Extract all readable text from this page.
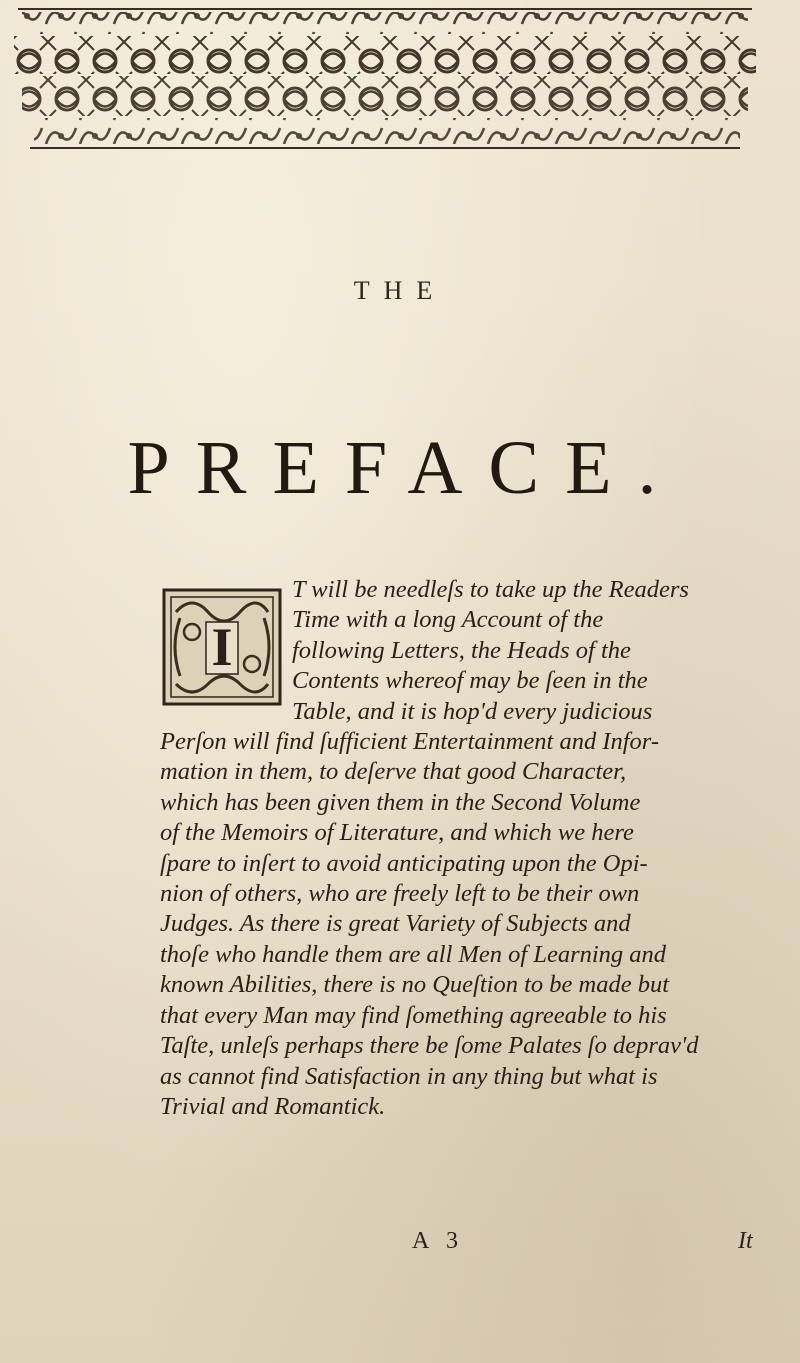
THE
PREFACE.
I
T will be needleſs to take up the Readers
Time with a long Account of the
following Letters, the Heads of the
Contents whereof may be ſeen in the
Table, and it is hop'd every judicious
Perſon will find ſufficient Entertainment and Infor-
mation in them, to deſerve that good Character,
which has been given them in the Second Volume
of the Memoirs of Literature, and which we here
ſpare to inſert to avoid anticipating upon the Opi-
nion of others, who are freely left to be their own
Judges. As there is great Variety of Subjects and
thoſe who handle them are all Men of Learning and
known Abilities, there is no Queſtion to be made but
that every Man may find ſomething agreeable to his
Taſte, unleſs perhaps there be ſome Palates ſo deprav'd
as cannot find Satisfaction in any thing but what is
Trivial and Romantick.
A 3	It
